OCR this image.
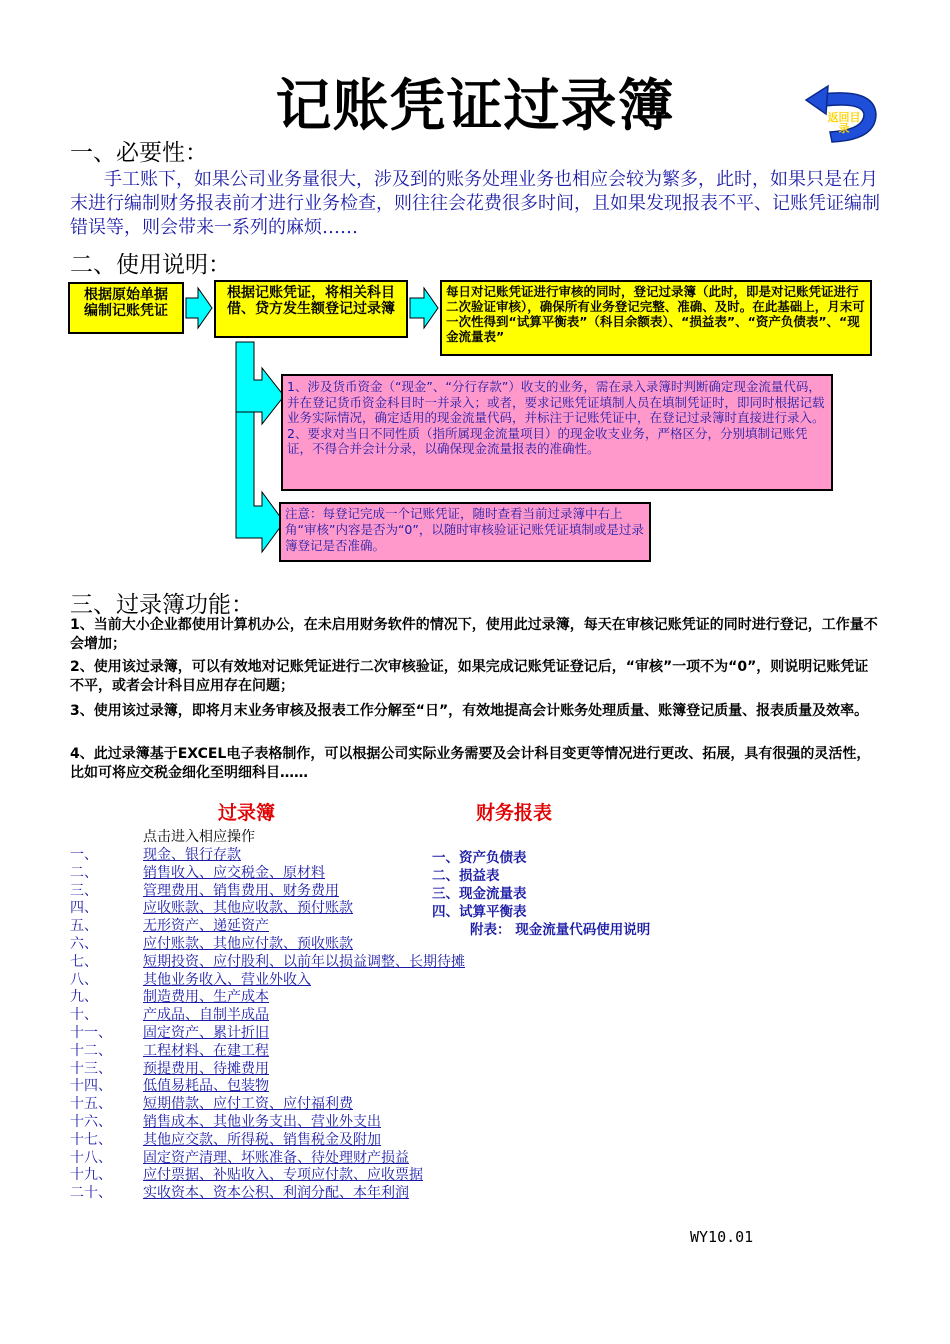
记账凭证过录簿	返回目录
一、必要性：
手工账下，如果公司业务量很大，涉及到的账务处理业务也相应会较为繁多，此时，如果只是在月末进行编制财务报表前才进行业务检查，则往往会花费很多时间，且如果发现报表不平、记账凭证编制错误等，则会带来一系列的麻烦……
二、使用说明：
根据原始单据编制记账凭证
根据记账凭证，将相关科目借、贷方发生额登记过录簿
每日对记账凭证进行审核的同时，登记过录簿（此时，即是对记账凭证进行二次验证审核），确保所有业务登记完整、准确、及时。在此基础上，月末可一次性得到“试算平衡表”（科目余额表）、“损益表”、“资产负债表”、“现金流量表”
1、涉及货币资金（“现金”、“分行存款”）收支的业务，需在录入录簿时判断确定现金流量代码，并在登记货币资金科目时一并录入；或者，要求记账凭证填制人员在填制凭证时，即同时根据记载业务实际情况，确定适用的现金流量代码，并标注于记账凭证中，在登记过录簿时直接进行录入。
2、要求对当日不同性质（指所属现金流量项目）的现金收支业务，严格区分，分别填制记账凭证，不得合并会计分录，以确保现金流量报表的准确性。
注意：每登记完成一个记账凭证，随时查看当前过录簿中右上角“审核”内容是否为“0”，以随时审核验证记账凭证填制或是过录簿登记是否准确。
三、过录簿功能：
1、当前大小企业都使用计算机办公，在未启用财务软件的情况下，使用此过录簿，每天在审核记账凭证的同时进行登记，工作量不会增加；
2、使用该过录簿，可以有效地对记账凭证进行二次审核验证，如果完成记账凭证登记后，“审核”一项不为“0”，则说明记账凭证不平，或者会计科目应用存在问题；
3、使用该过录簿，即将月末业务审核及报表工作分解至“日”，有效地提高会计账务处理质量、账簿登记质量、报表质量及效率。
4、此过录簿基于EXCEL电子表格制作，可以根据公司实际业务需要及会计科目变更等情况进行更改、拓展，具有很强的灵活性，比如可将应交税金细化至明细科目……
过录簿	财务报表
点击进入相应操作
一、	现金、银行存款
二、	销售收入、应交税金、原材料
三、	管理费用、销售费用、财务费用
四、	应收账款、其他应收款、预付账款
五、	无形资产、递延资产
六、	应付账款、其他应付款、预收账款
七、	短期投资、应付股利、以前年以损益调整、长期待摊
八、	其他业务收入、营业外收入
九、	制造费用、生产成本
十、	产成品、自制半成品
十一、 固定资产、累计折旧
十二、 工程材料、在建工程
十三、 预提费用、待摊费用
十四、 低值易耗品、包装物
十五、 短期借款、应付工资、应付福利费
十六、 销售成本、其他业务支出、营业外支出
十七、 其他应交款、所得税、销售税金及附加
十八、 固定资产清理、坏账准备、待处理财产损益
十九、 应付票据、补贴收入、专项应付款、应收票据
二十、 实收资本、资本公积、利润分配、本年利润
一、资产负债表
二、损益表
三、现金流量表
四、试算平衡表
附表： 现金流量代码使用说明
WY10.01
